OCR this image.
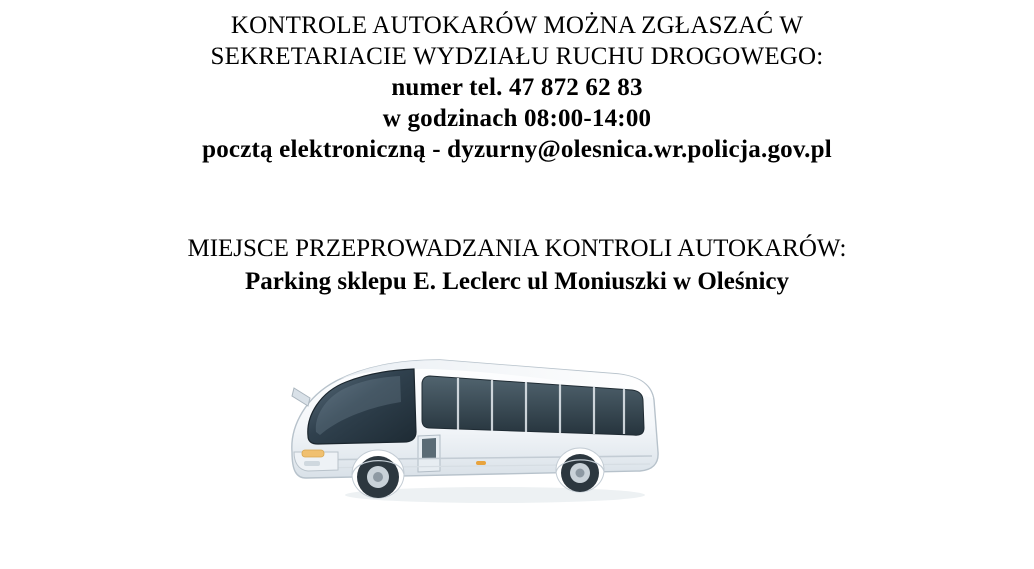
KONTROLE AUTOKARÓW MOŻNA ZGŁASZAĆ W
SEKRETARIACIE WYDZIAŁU RUCHU DROGOWEGO:
numer tel. 47 872 62 83
w godzinach 08:00-14:00
pocztą elektroniczną - dyzurny@olesnica.wr.policja.gov.pl
MIEJSCE PRZEPROWADZANIA KONTROLI AUTOKARÓW:
Parking sklepu E. Leclerc ul Moniuszki w Oleśnicy
